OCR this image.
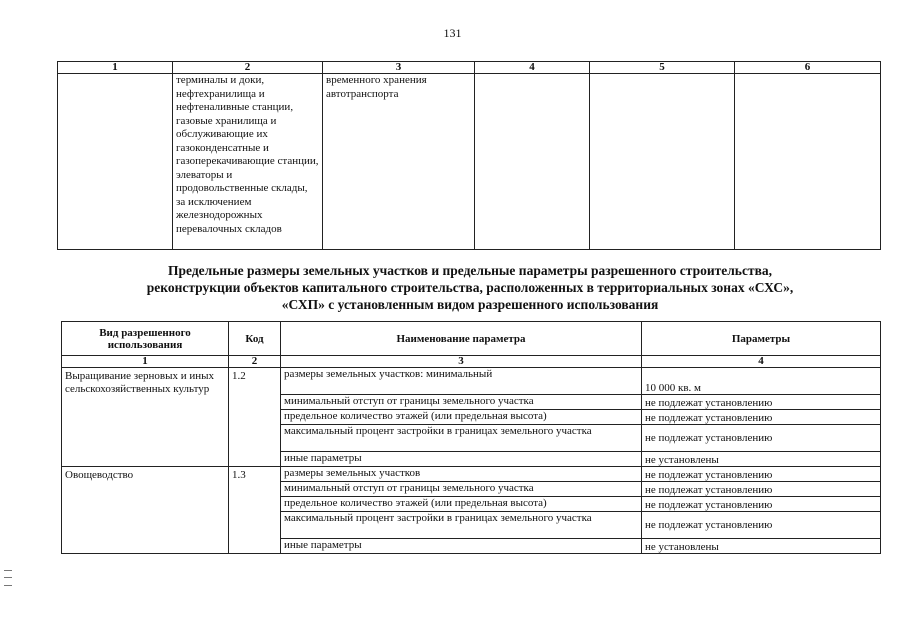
131
1	2	3	4	5	6
	терминалы и доки, нефтехранилища и нефтеналивные станции, газовые хранилища и обслуживающие их газоконденсатные и газоперекачивающие станции, элеваторы и продовольственные склады, за исключением железнодорожных перевалочных складов	временного хранения автотранспорта			
Предельные размеры земельных участков и предельные параметры разрешенного строительства,
реконструкции объектов капитального строительства, расположенных в территориальных зонах «СХС»,
«СХП» с установленным видом разрешенного использования
Вид разрешенного использования	Код	Наименование параметра	Параметры
1	2	3	4
Выращивание зерновых и иных сельскохозяйственных культур	1.2	размеры земельных участков: минимальный	10 000 кв. м
		минимальный отступ от границы земельного участка	не подлежат установлению
		предельное количество этажей (или предельная высота)	не подлежат установлению
		максимальный процент застройки в границах земельного участка	не подлежат установлению
		иные параметры	не установлены
Овощеводство	1.3	размеры земельных участков	не подлежат установлению
		минимальный отступ от границы земельного участка	не подлежат установлению
		предельное количество этажей (или предельная высота)	не подлежат установлению
		максимальный процент застройки в границах земельного участка	не подлежат установлению
		иные параметры	не установлены
